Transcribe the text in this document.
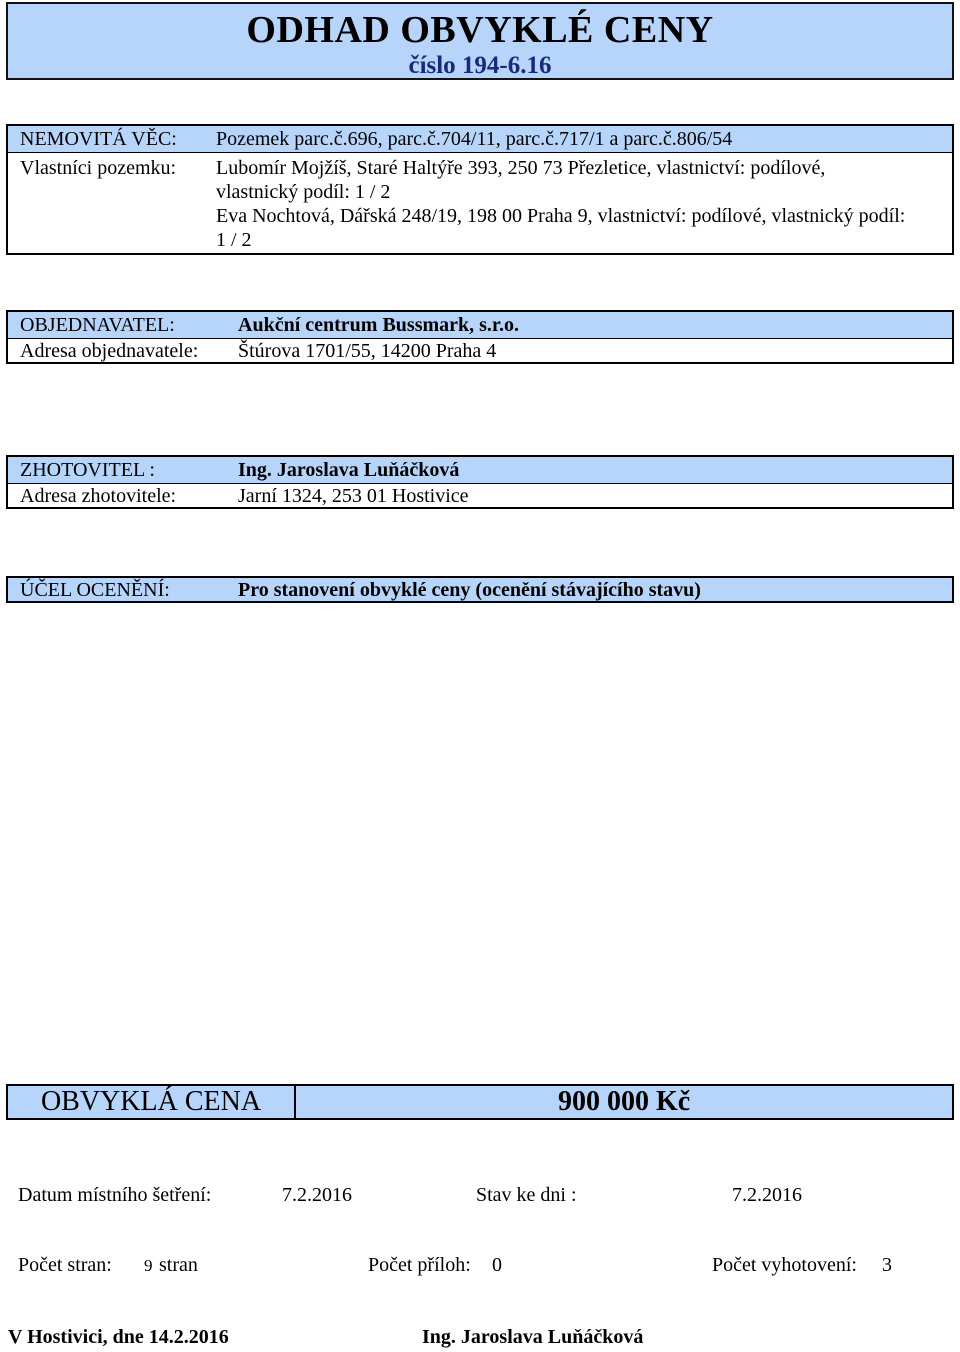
ODHAD OBVYKLÉ CENY
číslo 194-6.16
NEMOVITÁ VĚC: Pozemek parc.č.696, parc.č.704/11, parc.č.717/1 a parc.č.806/54
Vlastníci pozemku: Lubomír Mojžíš, Staré Haltýře 393, 250 73 Přezletice, vlastnictví: podílové,
vlastnický podíl: 1 / 2
Eva Nochtová, Dářská 248/19, 198 00 Praha 9, vlastnictví: podílové, vlastnický podíl:
1 / 2
OBJEDNAVATEL:	Aukční centrum Bussmark, s.r.o.
Adresa objednavatele: Štúrova 1701/55, 14200 Praha 4
ZHOTOVITEL :	Ing. Jaroslava Luňáčková
Adresa zhotovitele:	Jarní 1324, 253 01 Hostivice
ÚČEL OCENĚNÍ:	Pro stanovení obvyklé ceny (ocenění stávajícího stavu)
OBVYKLÁ CENA	900 000 Kč
Datum místního šetření:	7.2.2016	Stav ke dni :	7.2.2016
Počet stran: 9 stran	Počet příloh: 0	Počet vyhotovení: 3
V Hostivici, dne 14.2.2016	Ing. Jaroslava Luňáčková
